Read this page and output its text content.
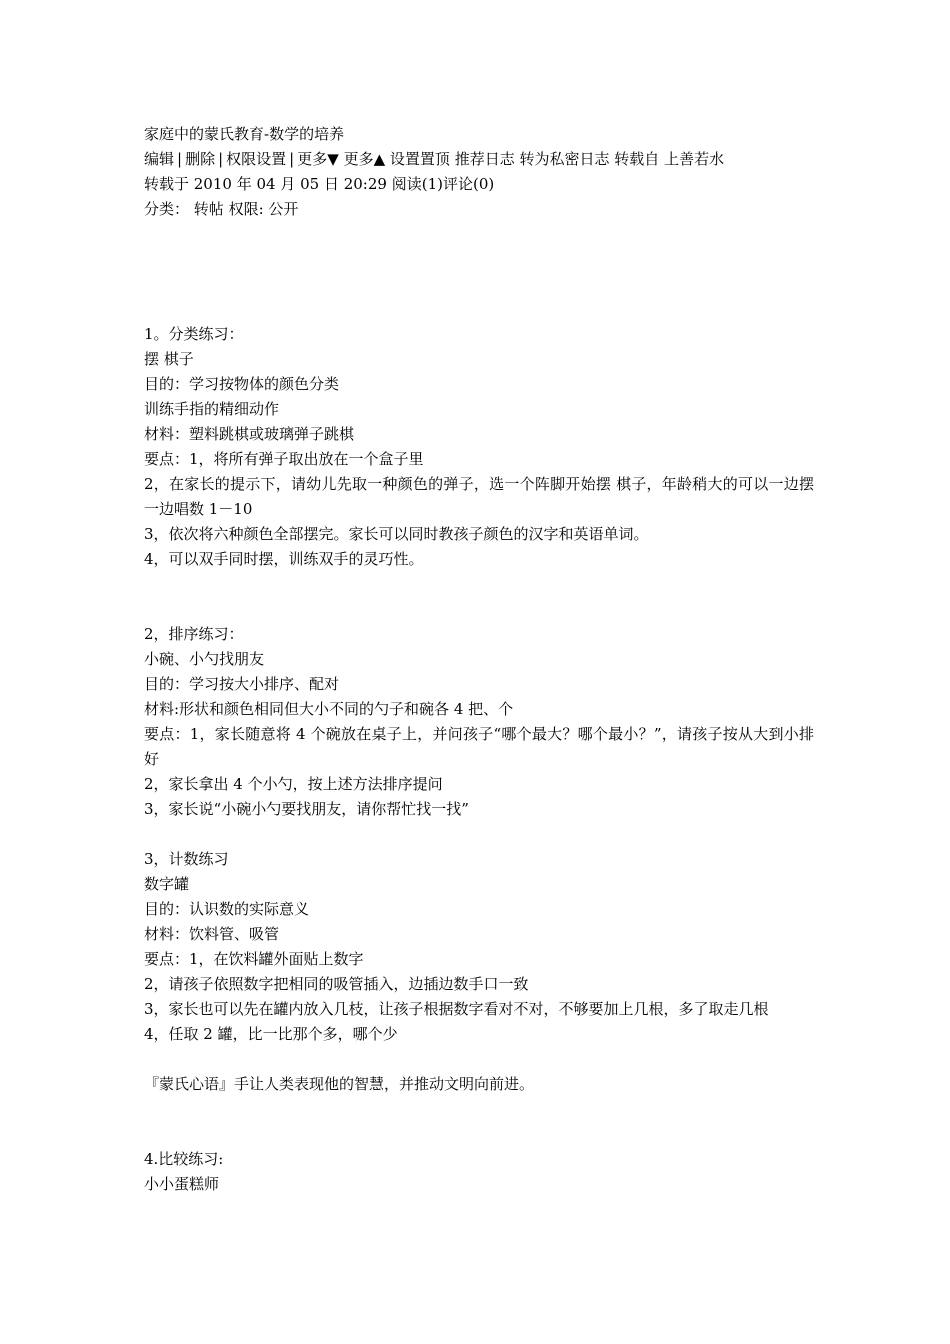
家庭中的蒙氏教育-数学的培养
编辑 | 删除 | 权限设置 | 更多▼ 更多▲ 设置置顶 推荐日志 转为私密日志 转载自 上善若水
转载于 2010 年 04 月 05 日 20:29 阅读(1)评论(0)
分类： 转帖 权限: 公开
1。分类练习：
摆 棋子
目的：学习按物体的颜色分类
训练手指的精细动作
材料：塑料跳棋或玻璃弹子跳棋
要点：1，将所有弹子取出放在一个盒子里
2，在家长的提示下，请幼儿先取一种颜色的弹子，选一个阵脚开始摆 棋子，年龄稍大的可以一边摆一边唱数 1－10
3，依次将六种颜色全部摆完。家长可以同时教孩子颜色的汉字和英语单词。
4，可以双手同时摆，训练双手的灵巧性。
2，排序练习：
小碗、小勺找朋友
目的：学习按大小排序、配对
材料:形状和颜色相同但大小不同的勺子和碗各 4 把、个
要点：1，家长随意将 4 个碗放在桌子上，并问孩子“哪个最大？哪个最小？”，请孩子按从大到小排好
2，家长拿出 4 个小勺，按上述方法排序提问
3，家长说“小碗小勺要找朋友，请你帮忙找一找”
3，计数练习
数字罐
目的：认识数的实际意义
材料：饮料管、吸管
要点：1，在饮料罐外面贴上数字
2，请孩子依照数字把相同的吸管插入，边插边数手口一致
3，家长也可以先在罐内放入几枝，让孩子根据数字看对不对，不够要加上几根，多了取走几根
4，任取 2 罐，比一比那个多，哪个少
『蒙氏心语』手让人类表现他的智慧，并推动文明向前进。
4.比较练习:
小小蛋糕师
